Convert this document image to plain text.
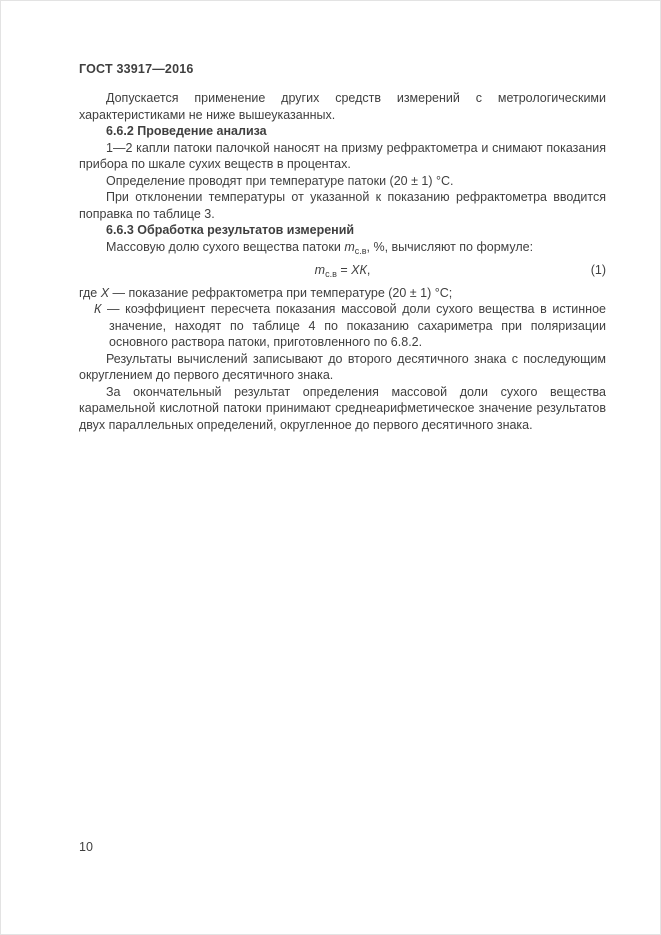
ГОСТ 33917—2016

Допускается применение других средств измерений с метрологическими характеристиками не ниже вышеуказанных.

6.6.2 Проведение анализа

1—2 капли патоки палочкой наносят на призму рефрактометра и снимают показания прибора по шкале сухих веществ в процентах.

Определение проводят при температуре патоки (20 ± 1) °С.

При отклонении температуры от указанной к показанию рефрактометра вводится поправка по таблице 3.

6.6.3 Обработка результатов измерений

Массовую долю сухого вещества патоки $m_{с.в}$, %, вычисляют по формуле:

$m_{с.в}$ = ХК,	(1)

где X — показание рефрактометра при температуре (20 ± 1) °С;

К — коэффициент пересчета показания массовой доли сухого вещества в истинное значение, находят по таблице 4 по показанию сахариметра при поляризации основного раствора патоки, приготовленного по 6.8.2.

Результаты вычислений записывают до второго десятичного знака с последующим округлением до первого десятичного знака.

За окончательный результат определения массовой доли сухого вещества карамельной кислотной патоки принимают среднеарифметическое значение результатов двух параллельных определений, округленное до первого десятичного знака.

10
